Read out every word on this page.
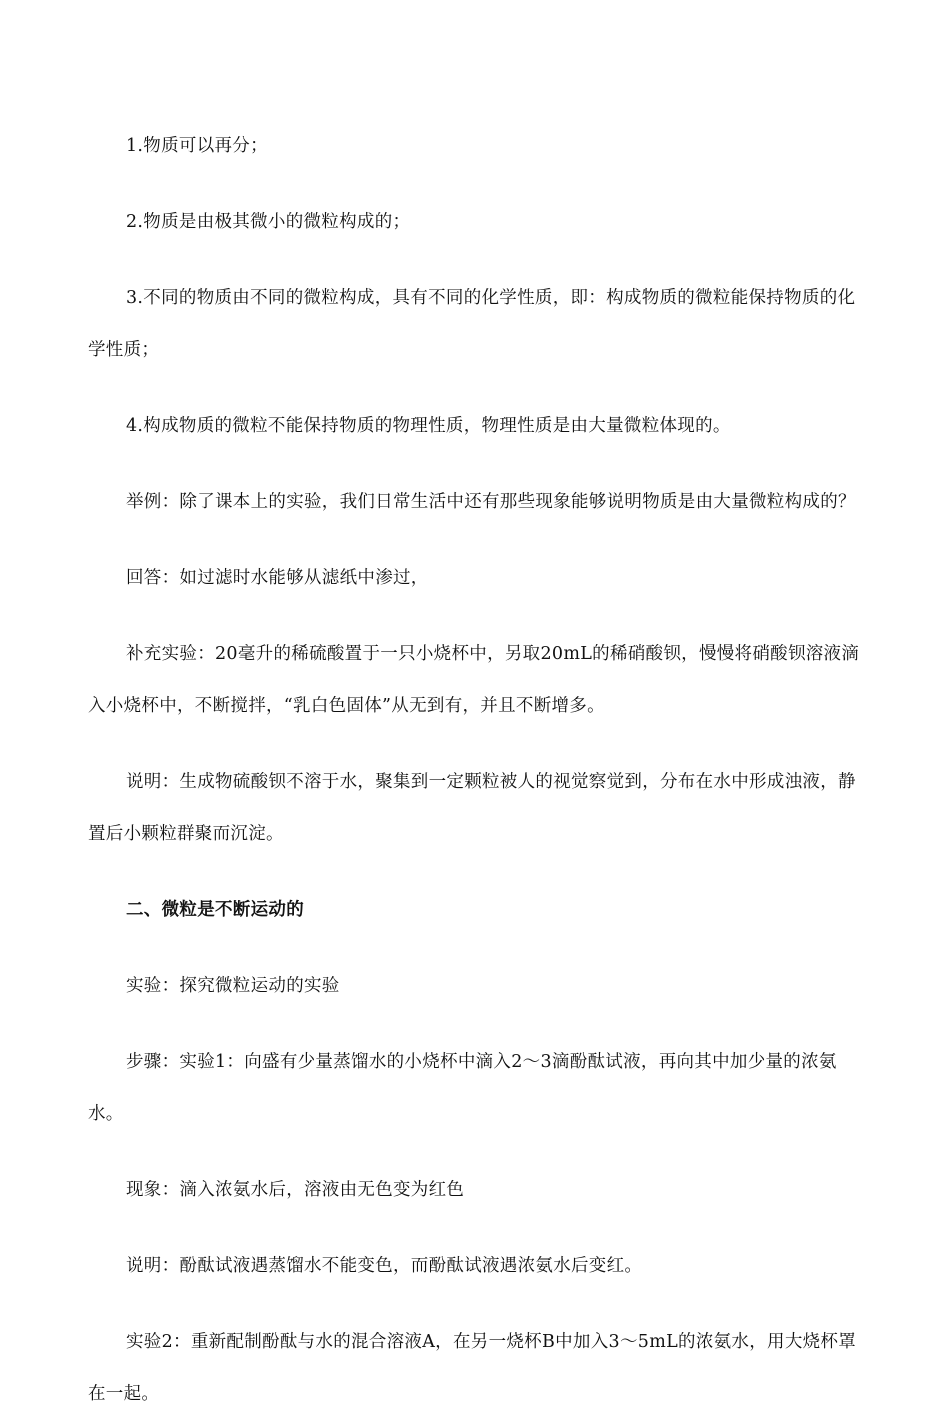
1.物质可以再分；

2.物质是由极其微小的微粒构成的；

3.不同的物质由不同的微粒构成，具有不同的化学性质，即：构成物质的微粒能保持物质的化学性质；

4.构成物质的微粒不能保持物质的物理性质，物理性质是由大量微粒体现的。

举例：除了课本上的实验，我们日常生活中还有那些现象能够说明物质是由大量微粒构成的？

回答：如过滤时水能够从滤纸中渗过，

补充实验：20毫升的稀硫酸置于一只小烧杯中，另取20mL的稀硝酸钡，慢慢将硝酸钡溶液滴入小烧杯中，不断搅拌，“乳白色固体”从无到有，并且不断增多。

说明：生成物硫酸钡不溶于水，聚集到一定颗粒被人的视觉察觉到，分布在水中形成浊液，静置后小颗粒群聚而沉淀。

二、微粒是不断运动的

实验：探究微粒运动的实验

步骤：实验1：向盛有少量蒸馏水的小烧杯中滴入2～3滴酚酞试液，再向其中加少量的浓氨水。

现象：滴入浓氨水后，溶液由无色变为红色

说明：酚酞试液遇蒸馏水不能变色，而酚酞试液遇浓氨水后变红。

实验2：重新配制酚酞与水的混合溶液A，在另一烧杯B中加入3～5mL的浓氨水，用大烧杯罩在一起。
